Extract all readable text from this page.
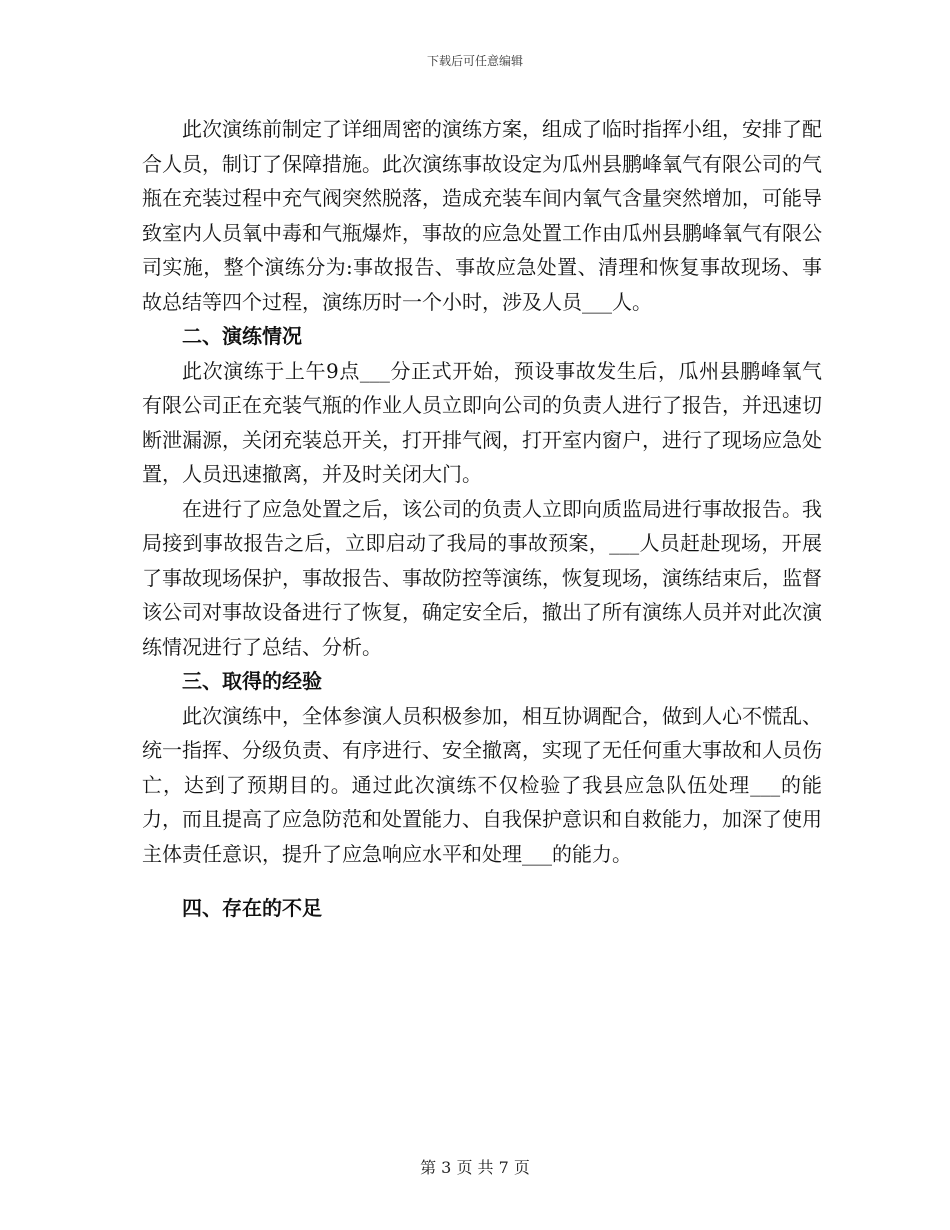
下载后可任意编辑

此次演练前制定了详细周密的演练方案，组成了临时指挥小组，安排了配合人员，制订了保障措施。此次演练事故设定为瓜州县鹏峰氧气有限公司的气瓶在充装过程中充气阀突然脱落，造成充装车间内氧气含量突然增加，可能导致室内人员氧中毒和气瓶爆炸，事故的应急处置工作由瓜州县鹏峰氧气有限公司实施，整个演练分为:事故报告、事故应急处置、清理和恢复事故现场、事故总结等四个过程，演练历时一个小时，涉及人员___人。

二、演练情况

此次演练于上午9点___分正式开始，预设事故发生后，瓜州县鹏峰氧气有限公司正在充装气瓶的作业人员立即向公司的负责人进行了报告，并迅速切断泄漏源，关闭充装总开关，打开排气阀，打开室内窗户，进行了现场应急处置，人员迅速撤离，并及时关闭大门。

在进行了应急处置之后，该公司的负责人立即向质监局进行事故报告。我局接到事故报告之后，立即启动了我局的事故预案，___人员赶赴现场，开展了事故现场保护，事故报告、事故防控等演练，恢复现场，演练结束后，监督该公司对事故设备进行了恢复，确定安全后，撤出了所有演练人员并对此次演练情况进行了总结、分析。

三、取得的经验

此次演练中，全体参演人员积极参加，相互协调配合，做到人心不慌乱、统一指挥、分级负责、有序进行、安全撤离，实现了无任何重大事故和人员伤亡，达到了预期目的。通过此次演练不仅检验了我县应急队伍处理___的能力，而且提高了应急防范和处置能力、自我保护意识和自救能力，加深了使用主体责任意识，提升了应急响应水平和处理___的能力。

四、存在的不足

第 3 页 共 7 页
